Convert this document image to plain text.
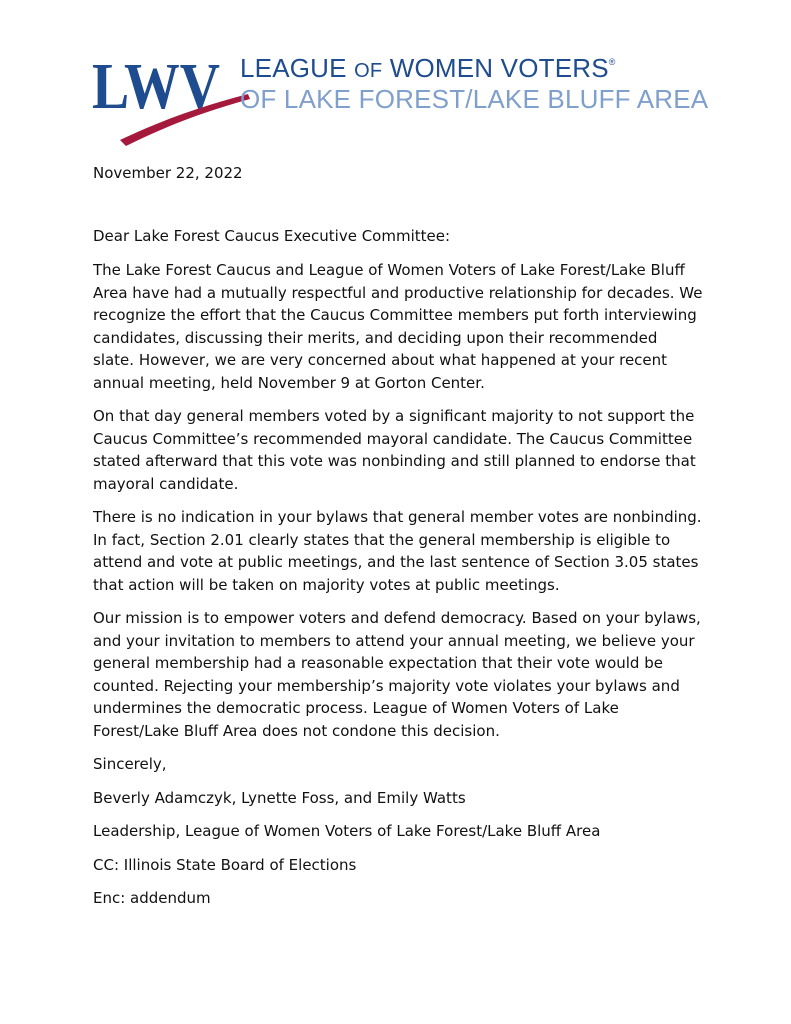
LWV LEAGUE OF WOMEN VOTERS®
OF LAKE FOREST/LAKE BLUFF AREA

November 22, 2022

Dear Lake Forest Caucus Executive Committee:

The Lake Forest Caucus and League of Women Voters of Lake Forest/Lake Bluff Area have had a mutually respectful and productive relationship for decades. We recognize the effort that the Caucus Committee members put forth interviewing candidates, discussing their merits, and deciding upon their recommended slate. However, we are very concerned about what happened at your recent annual meeting, held November 9 at Gorton Center.

On that day general members voted by a significant majority to not support the Caucus Committee’s recommended mayoral candidate. The Caucus Committee stated afterward that this vote was nonbinding and still planned to endorse that mayoral candidate.

There is no indication in your bylaws that general member votes are nonbinding. In fact, Section 2.01 clearly states that the general membership is eligible to attend and vote at public meetings, and the last sentence of Section 3.05 states that action will be taken on majority votes at public meetings.

Our mission is to empower voters and defend democracy. Based on your bylaws, and your invitation to members to attend your annual meeting, we believe your general membership had a reasonable expectation that their vote would be counted. Rejecting your membership’s majority vote violates your bylaws and undermines the democratic process. League of Women Voters of Lake Forest/Lake Bluff Area does not condone this decision.

Sincerely,

Beverly Adamczyk, Lynette Foss, and Emily Watts

Leadership, League of Women Voters of Lake Forest/Lake Bluff Area

CC: Illinois State Board of Elections

Enc: addendum
